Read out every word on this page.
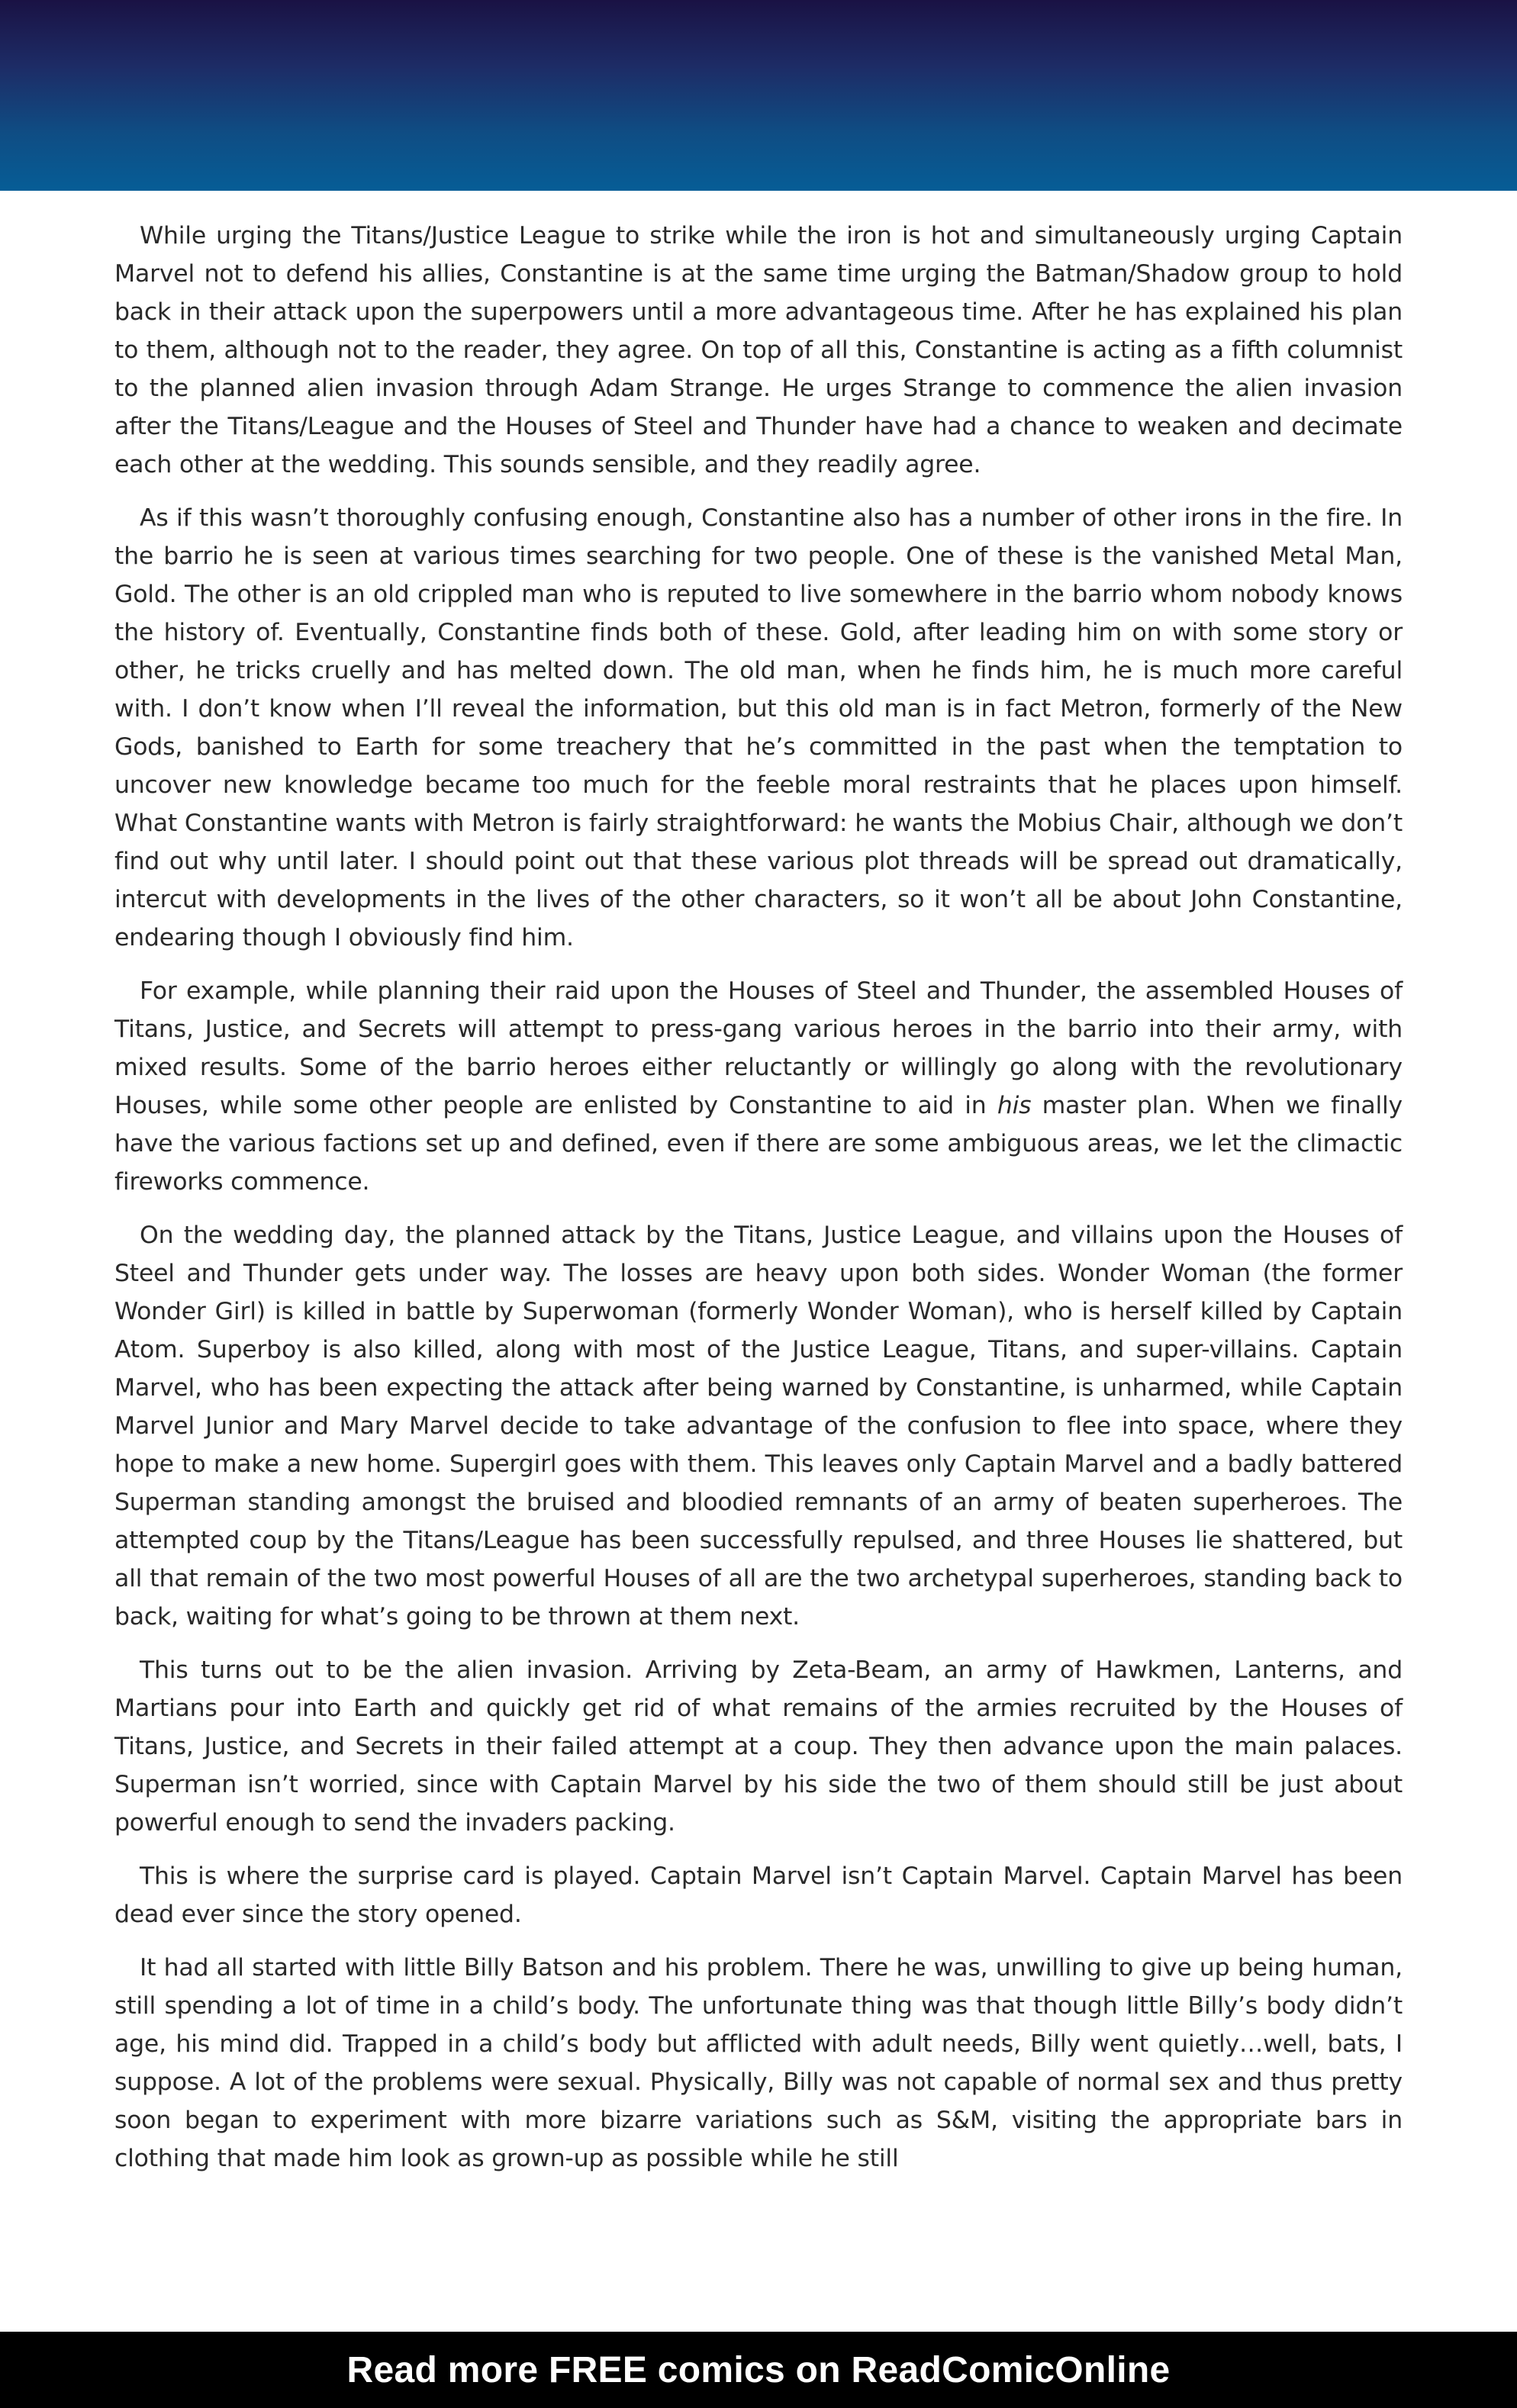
While urging the Titans/Justice League to strike while the iron is hot and simultaneously urging Captain Marvel not to defend his allies, Constantine is at the same time urging the Batman/Shadow group to hold back in their attack upon the superpowers until a more advantageous time. After he has explained his plan to them, although not to the reader, they agree. On top of all this, Constantine is acting as a fifth columnist to the planned alien invasion through Adam Strange. He urges Strange to commence the alien invasion after the Titans/League and the Houses of Steel and Thunder have had a chance to weaken and decimate each other at the wedding. This sounds sensible, and they readily agree.

As if this wasn’t thoroughly confusing enough, Constantine also has a number of other irons in the fire. In the barrio he is seen at various times searching for two people. One of these is the vanished Metal Man, Gold. The other is an old crippled man who is reputed to live somewhere in the barrio whom nobody knows the history of. Eventually, Constantine finds both of these. Gold, after leading him on with some story or other, he tricks cruelly and has melted down. The old man, when he finds him, he is much more careful with. I don’t know when I’ll reveal the information, but this old man is in fact Metron, formerly of the New Gods, banished to Earth for some treachery that he’s committed in the past when the temptation to uncover new knowledge became too much for the feeble moral restraints that he places upon himself. What Constantine wants with Metron is fairly straightforward: he wants the Mobius Chair, although we don’t find out why until later. I should point out that these various plot threads will be spread out dramatically, intercut with developments in the lives of the other characters, so it won’t all be about John Constantine, endearing though I obviously find him.

For example, while planning their raid upon the Houses of Steel and Thunder, the assembled Houses of Titans, Justice, and Secrets will attempt to press-gang various heroes in the barrio into their army, with mixed results. Some of the barrio heroes either reluctantly or willingly go along with the revolutionary Houses, while some other people are enlisted by Constantine to aid in his master plan. When we finally have the various factions set up and defined, even if there are some ambiguous areas, we let the climactic fireworks commence.

On the wedding day, the planned attack by the Titans, Justice League, and villains upon the Houses of Steel and Thunder gets under way. The losses are heavy upon both sides. Wonder Woman (the former Wonder Girl) is killed in battle by Superwoman (formerly Wonder Woman), who is herself killed by Captain Atom. Superboy is also killed, along with most of the Justice League, Titans, and super-villains. Captain Marvel, who has been expecting the attack after being warned by Constantine, is unharmed, while Captain Marvel Junior and Mary Marvel decide to take advantage of the confusion to flee into space, where they hope to make a new home. Supergirl goes with them. This leaves only Captain Marvel and a badly battered Superman standing amongst the bruised and bloodied remnants of an army of beaten superheroes. The attempted coup by the Titans/League has been successfully repulsed, and three Houses lie shattered, but all that remain of the two most powerful Houses of all are the two archetypal superheroes, standing back to back, waiting for what’s going to be thrown at them next.

This turns out to be the alien invasion. Arriving by Zeta-Beam, an army of Hawkmen, Lanterns, and Martians pour into Earth and quickly get rid of what remains of the armies recruited by the Houses of Titans, Justice, and Secrets in their failed attempt at a coup. They then advance upon the main palaces. Superman isn’t worried, since with Captain Marvel by his side the two of them should still be just about powerful enough to send the invaders packing.

This is where the surprise card is played. Captain Marvel isn’t Captain Marvel. Captain Marvel has been dead ever since the story opened.

It had all started with little Billy Batson and his problem. There he was, unwilling to give up being human, still spending a lot of time in a child’s body. The unfortunate thing was that though little Billy’s body didn’t age, his mind did. Trapped in a child’s body but afflicted with adult needs, Billy went quietly…well, bats, I suppose. A lot of the problems were sexual. Physically, Billy was not capable of normal sex and thus pretty soon began to experiment with more bizarre variations such as S&M, visiting the appropriate bars in clothing that made him look as grown-up as possible while he still

Read more FREE comics on ReadComicOnline
